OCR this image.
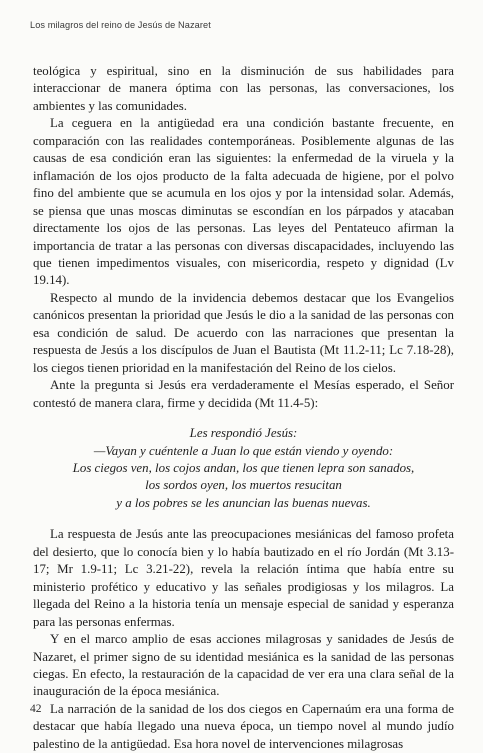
Los milagros del reino de Jesús de Nazaret

teológica y espiritual, sino en la disminución de sus habilidades para interaccionar de manera óptima con las personas, las conversaciones, los ambientes y las comunidades.

La ceguera en la antigüedad era una condición bastante frecuente, en comparación con las realidades contemporáneas. Posiblemente algunas de las causas de esa condición eran las siguientes: la enfermedad de la viruela y la inflamación de los ojos producto de la falta adecuada de higiene, por el polvo fino del ambiente que se acumula en los ojos y por la intensidad solar. Además, se piensa que unas moscas diminutas se escondían en los párpados y atacaban directamente los ojos de las personas. Las leyes del Pentateuco afirman la importancia de tratar a las personas con diversas discapacidades, incluyendo las que tienen impedimentos visuales, con misericordia, respeto y dignidad (Lv 19.14).

Respecto al mundo de la invidencia debemos destacar que los Evangelios canónicos presentan la prioridad que Jesús le dio a la sanidad de las personas con esa condición de salud. De acuerdo con las narraciones que presentan la respuesta de Jesús a los discípulos de Juan el Bautista (Mt 11.2-11; Lc 7.18-28), los ciegos tienen prioridad en la manifestación del Reino de los cielos.

Ante la pregunta si Jesús era verdaderamente el Mesías esperado, el Señor contestó de manera clara, firme y decidida (Mt 11.4-5):

Les respondió Jesús:
—Vayan y cuéntenle a Juan lo que están viendo y oyendo:
Los ciegos ven, los cojos andan, los que tienen lepra son sanados,
los sordos oyen, los muertos resucitan
y a los pobres se les anuncian las buenas nuevas.

La respuesta de Jesús ante las preocupaciones mesiánicas del famoso profeta del desierto, que lo conocía bien y lo había bautizado en el río Jordán (Mt 3.13-17; Mr 1.9-11; Lc 3.21-22), revela la relación íntima que había entre su ministerio profético y educativo y las señales prodigiosas y los milagros. La llegada del Reino a la historia tenía un mensaje especial de sanidad y esperanza para las personas enfermas.

Y en el marco amplio de esas acciones milagrosas y sanidades de Jesús de Nazaret, el primer signo de su identidad mesiánica es la sanidad de las personas ciegas. En efecto, la restauración de la capacidad de ver era una clara señal de la inauguración de la época mesiánica.

La narración de la sanidad de los dos ciegos en Capernaúm era una forma de destacar que había llegado una nueva época, un tiempo novel al mundo judío palestino de la antigüedad. Esa hora novel de intervenciones milagrosas

42
